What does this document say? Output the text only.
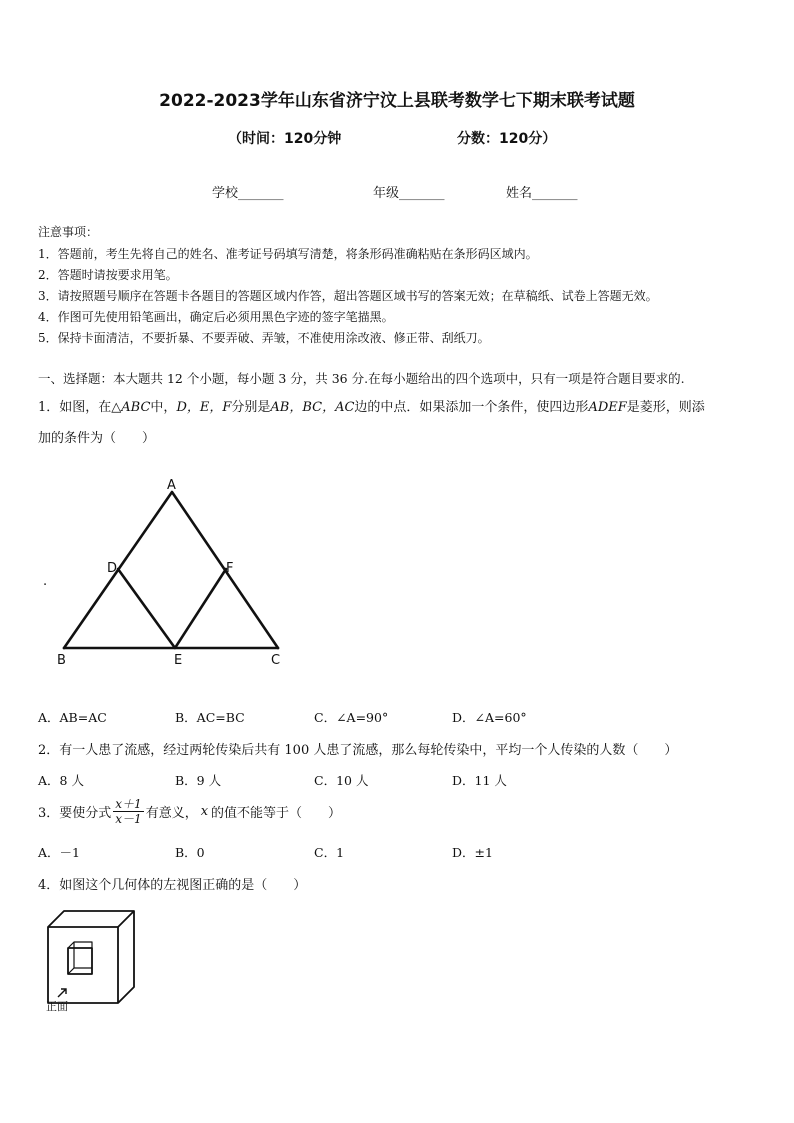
2022-2023学年山东省济宁汶上县联考数学七下期末联考试题
（时间：120分钟	分数：120分）
学校_______	年级_______	姓名_______
注意事项：
1．答题前，考生先将自己的姓名、准考证号码填写清楚，将条形码准确粘贴在条形码区域内。
2．答题时请按要求用笔。
3．请按照题号顺序在答题卡各题目的答题区域内作答，超出答题区域书写的答案无效；在草稿纸、试卷上答题无效。
4．作图可先使用铅笔画出，确定后必须用黑色字迹的签字笔描黑。
5．保持卡面清洁，不要折暴、不要弄破、弄皱，不准使用涂改液、修正带、刮纸刀。
一、选择题：本大题共 12 个小题，每小题 3 分，共 36 分.在每小题给出的四个选项中，只有一项是符合题目要求的.
1．如图，在△ABC中，D，E，F分别是AB，BC，AC边的中点．如果添加一个条件，使四边形ADEF是菱形，则添
加的条件为（　　）
A
D	F
B	E	C
.
A．AB=AC	B．AC=BC	C．∠A=90°	D．∠A=60°
2．有一人患了流感，经过两轮传染后共有 100 人患了流感，那么每轮传染中，平均一个人传染的人数（　　）
A．8 人	B．9 人	C．10 人	D．11 人
3．要使分式 $\frac{x+1}{x-1}$ 有意义， x 的值不能等于（　　）
A．－1	B．0	C．1	D．±1
4．如图这个几何体的左视图正确的是（　　）
正面
